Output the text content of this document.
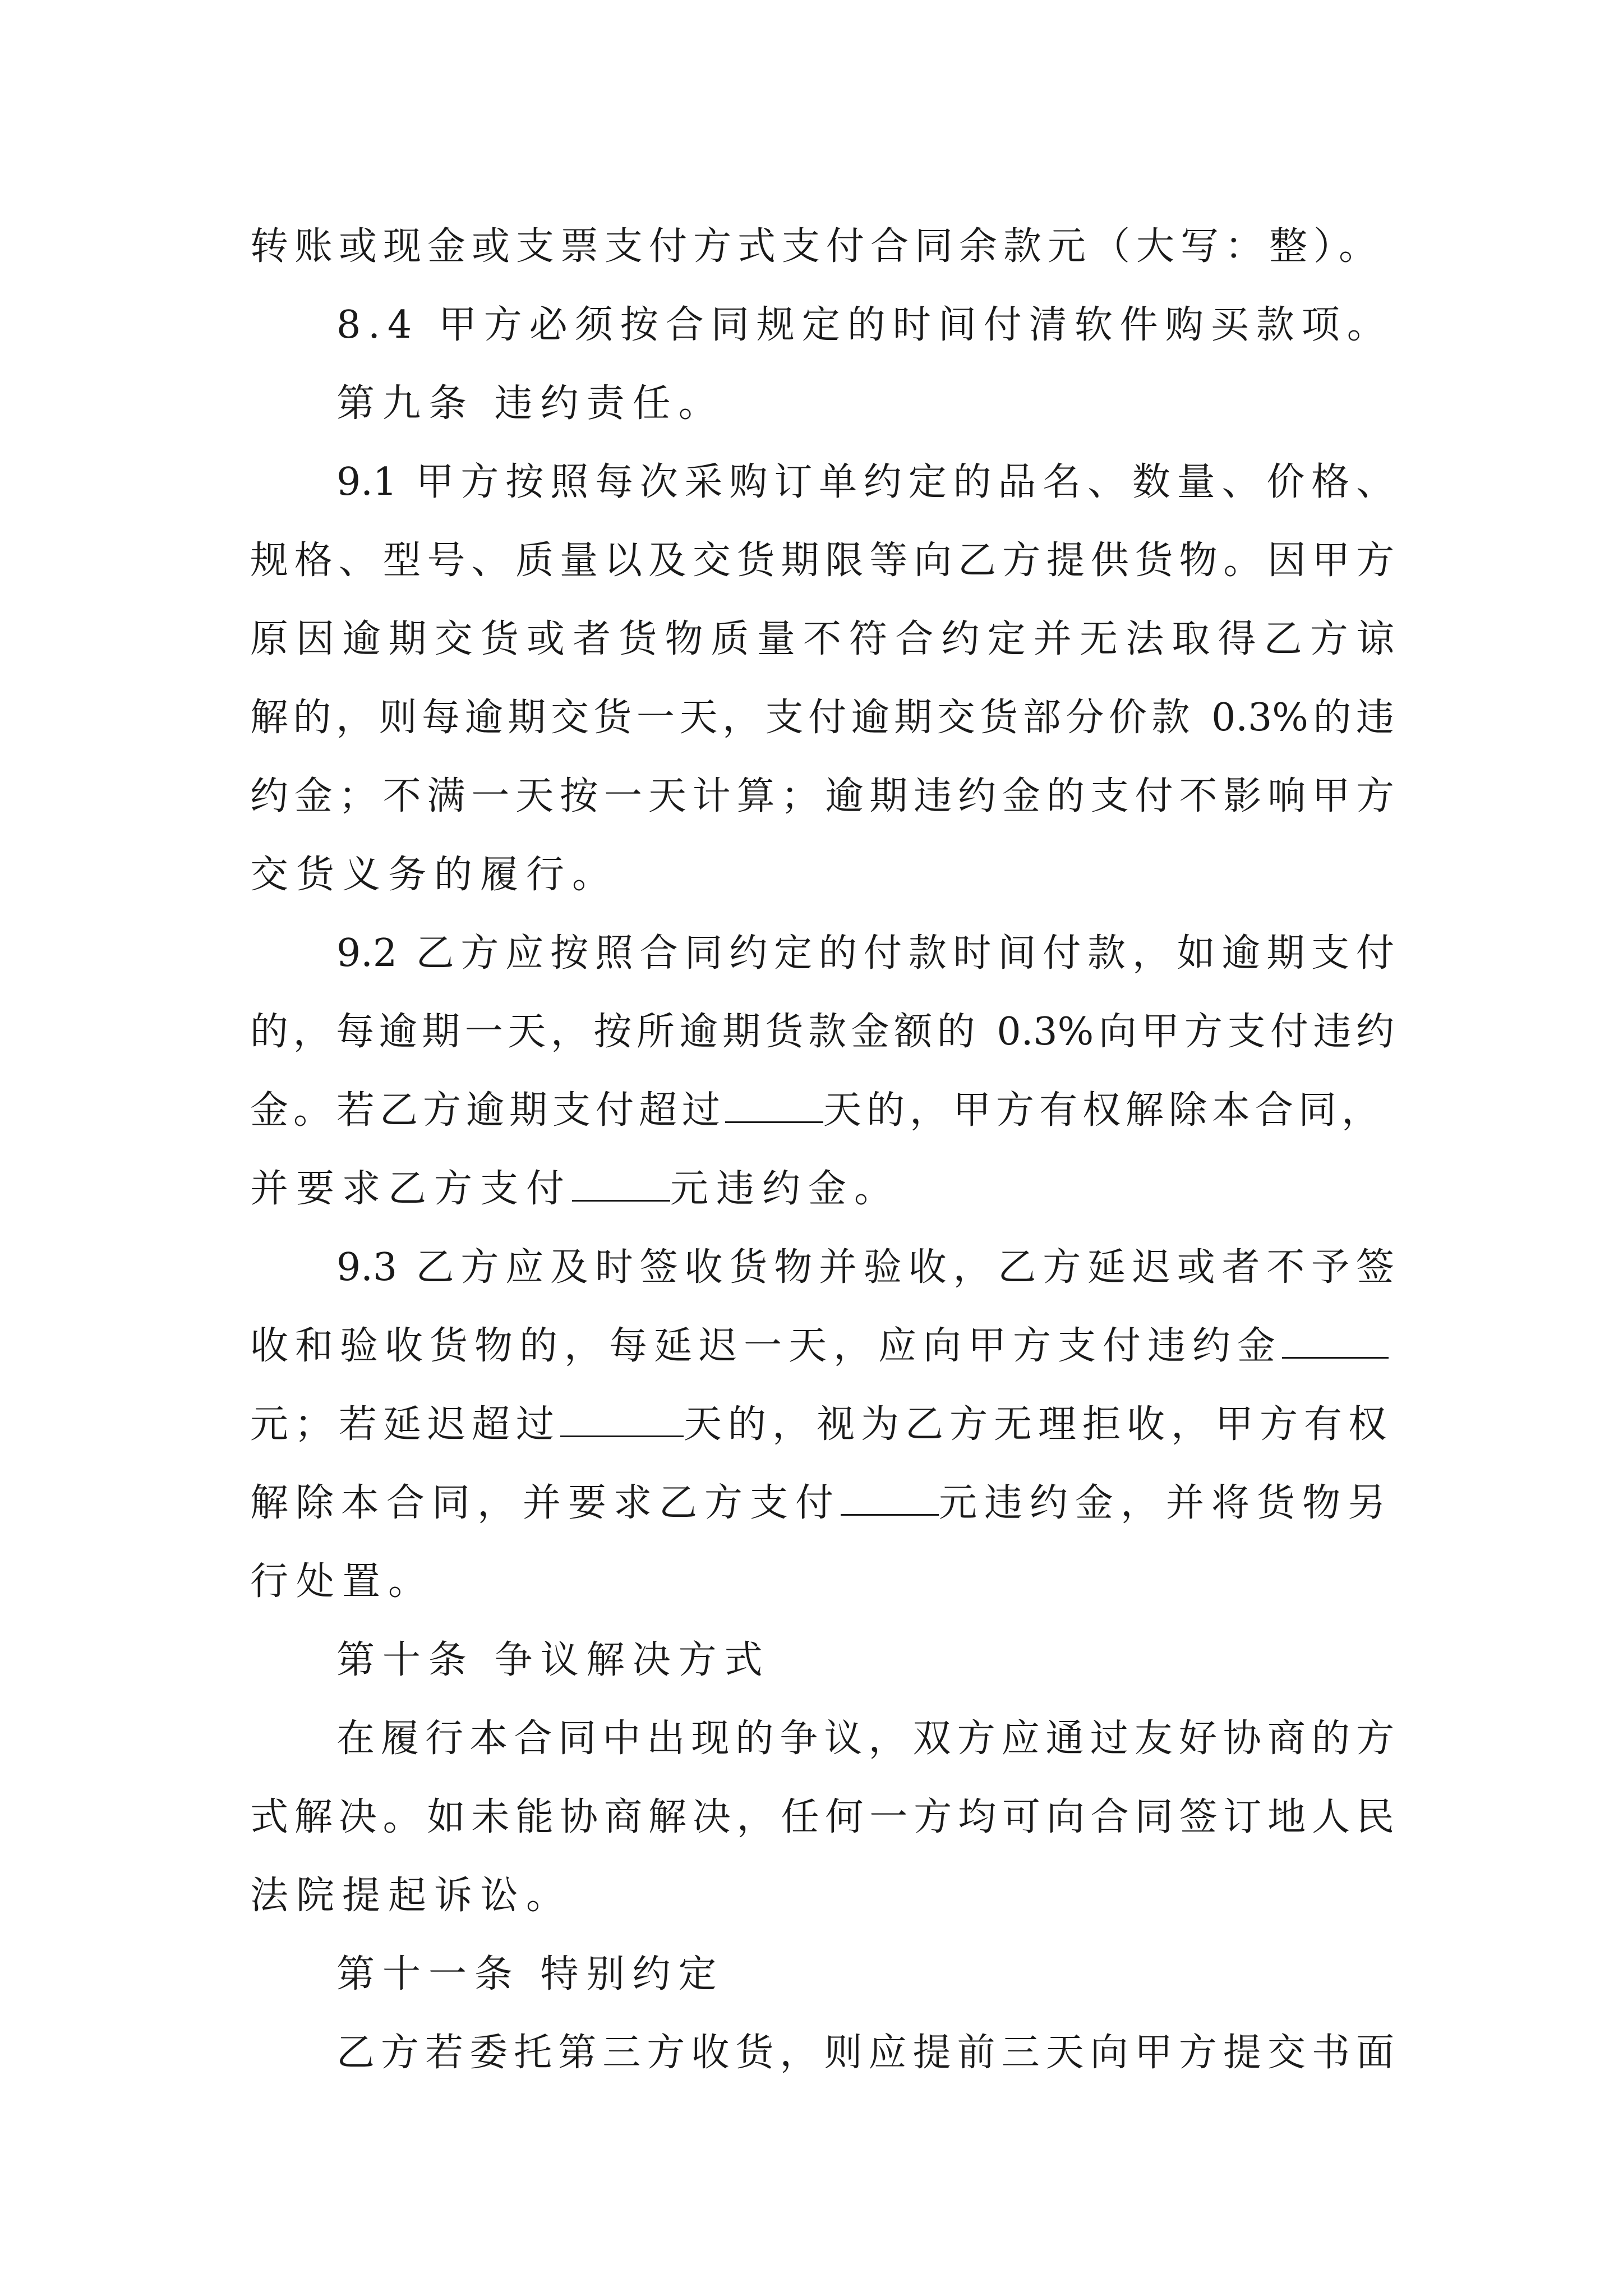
转账或现金或支票支付方式支付合同余款元（大写：整）。
8.4 甲方必须按合同规定的时间付清软件购买款项。
第九条 违约责任。
9.1 甲方按照每次采购订单约定的品名、数量、价格、
规格、型号、质量以及交货期限等向乙方提供货物。因甲方
原因逾期交货或者货物质量不符合约定并无法取得乙方谅
解的，则每逾期交货一天，支付逾期交货部分价款 0.3%的违
约金；不满一天按一天计算；逾期违约金的支付不影响甲方
交货义务的履行。
9.2 乙方应按照合同约定的付款时间付款，如逾期支付
的，每逾期一天，按所逾期货款金额的 0.3%向甲方支付违约
金。若乙方逾期支付超过	天的，甲方有权解除本合同，
并要求乙方支付	元违约金。
9.3 乙方应及时签收货物并验收，乙方延迟或者不予签
收和验收货物的，每延迟一天，应向甲方支付违约金
元；若延迟超过	天的，视为乙方无理拒收，甲方有权
解除本合同，并要求乙方支付	元违约金，并将货物另
行处置。
第十条 争议解决方式
在履行本合同中出现的争议，双方应通过友好协商的方
式解决。如未能协商解决，任何一方均可向合同签订地人民
法院提起诉讼。
第十一条 特别约定
乙方若委托第三方收货，则应提前三天向甲方提交书面
